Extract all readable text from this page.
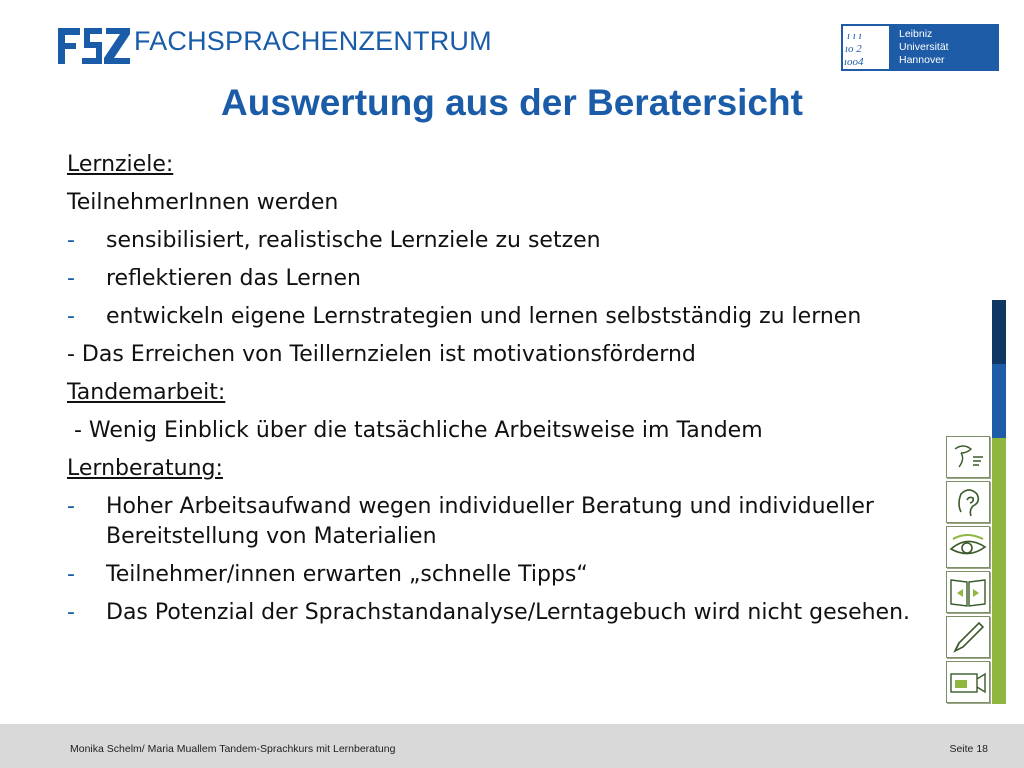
FACHSPRACHENZENTRUM	ı ı ı
ıo 2
ıoo4
Leibniz
Universität
Hannover
Auswertung aus der Beratersicht
Lernziele:
TeilnehmerInnen werden
- sensibilisiert, realistische Lernziele zu setzen
- reflektieren das Lernen
- entwickeln eigene Lernstrategien und lernen selbstständig zu lernen
- Das Erreichen von Teillernzielen ist motivationsfördernd
Tandemarbeit:
- Wenig Einblick über die tatsächliche Arbeitsweise im Tandem
Lernberatung:
- Hoher Arbeitsaufwand wegen individueller Beratung und individueller Bereitstellung von Materialien
- Teilnehmer/innen erwarten „schnelle Tipps“
- Das Potenzial der Sprachstandanalyse/Lerntagebuch wird nicht gesehen.
Monika Schelm/ Maria Muallem Tandem-Sprachkurs mit Lernberatung	Seite 18
